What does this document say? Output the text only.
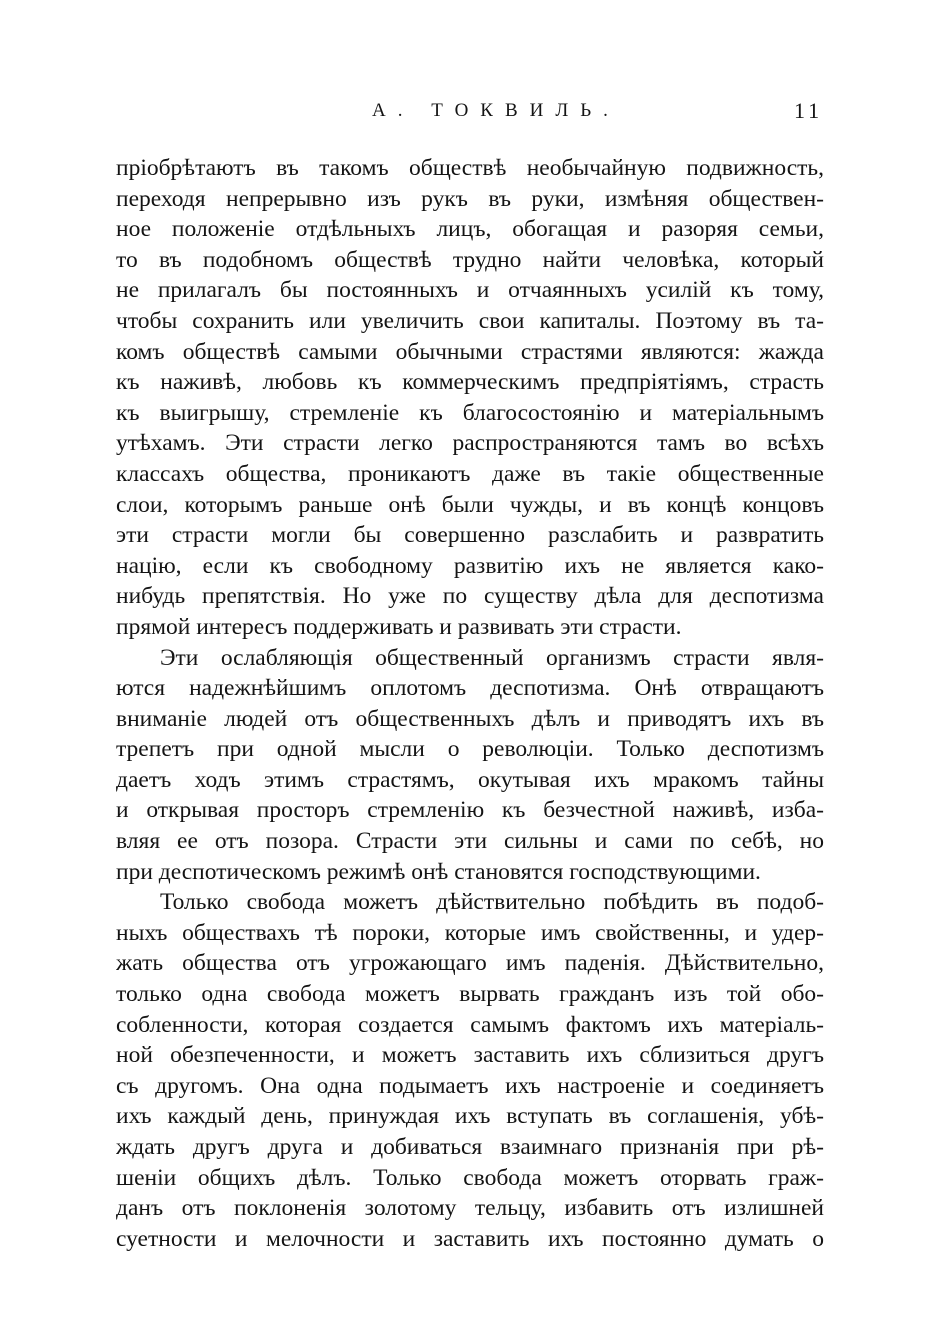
А. ТОКВИЛЬ.	11
пріобрѣтаютъ въ такомъ обществѣ необычайную подвижность,
переходя непрерывно изъ рукъ въ руки, измѣняя обществен-
ное положеніе отдѣльныхъ лицъ, обогащая и разоряя семьи,
то въ подобномъ обществѣ трудно найти человѣка, который
не прилагалъ бы постоянныхъ и отчаянныхъ усилій къ тому,
чтобы сохранить или увеличить свои капиталы. Поэтому въ та-
комъ обществѣ самыми обычными страстями являются: жажда
къ наживѣ, любовь къ коммерческимъ предпріятіямъ, страсть
къ выигрышу, стремленіе къ благосостоянію и матеріальнымъ
утѣхамъ. Эти страсти легко распространяются тамъ во всѣхъ
классахъ общества, проникаютъ даже въ такіе общественные
слои, которымъ раньше онѣ были чужды, и въ концѣ концовъ
эти страсти могли бы совершенно разслабить и развратить
націю, если къ свободному развитію ихъ не является како-
нибудь препятствія. Но уже по существу дѣла для деспотизма
прямой интересъ поддерживать и развивать эти страсти.
Эти ослабляющія общественный организмъ страсти явля-
ются надежнѣйшимъ оплотомъ деспотизма. Онѣ отвращаютъ
вниманіе людей отъ общественныхъ дѣлъ и приводятъ ихъ въ
трепетъ при одной мысли о революціи. Только деспотизмъ
даетъ ходъ этимъ страстямъ, окутывая ихъ мракомъ тайны
и открывая просторъ стремленію къ безчестной наживѣ, избa-
вляя ее отъ позора. Страсти эти сильны и сами по себѣ, но
при деспотическомъ режимѣ онѣ становятся господствующими.
Только свобода можетъ дѣйствительно побѣдить въ подоб-
ныхъ обществахъ тѣ пороки, которые имъ свойственны, и удер-
жать общества отъ угрожающаго имъ паденія. Дѣйствительно,
только одна свобода можетъ вырвать гражданъ изъ той обо-
собленности, которая создается самымъ фактомъ ихъ матеріаль-
ной обезпеченности, и можетъ заставить ихъ сблизиться другъ
съ другомъ. Она одна подымаетъ ихъ настроеніе и соединяетъ
ихъ каждый день, принуждая ихъ вступать въ соглашенія, убѣ-
ждать другъ друга и добиваться взаимнаго признанія при рѣ-
шеніи общихъ дѣлъ. Только свобода можетъ оторвать граж-
данъ отъ поклоненія золотому тельцу, избавить отъ излишней
суетности и мелочности и заставить ихъ постоянно думать о
